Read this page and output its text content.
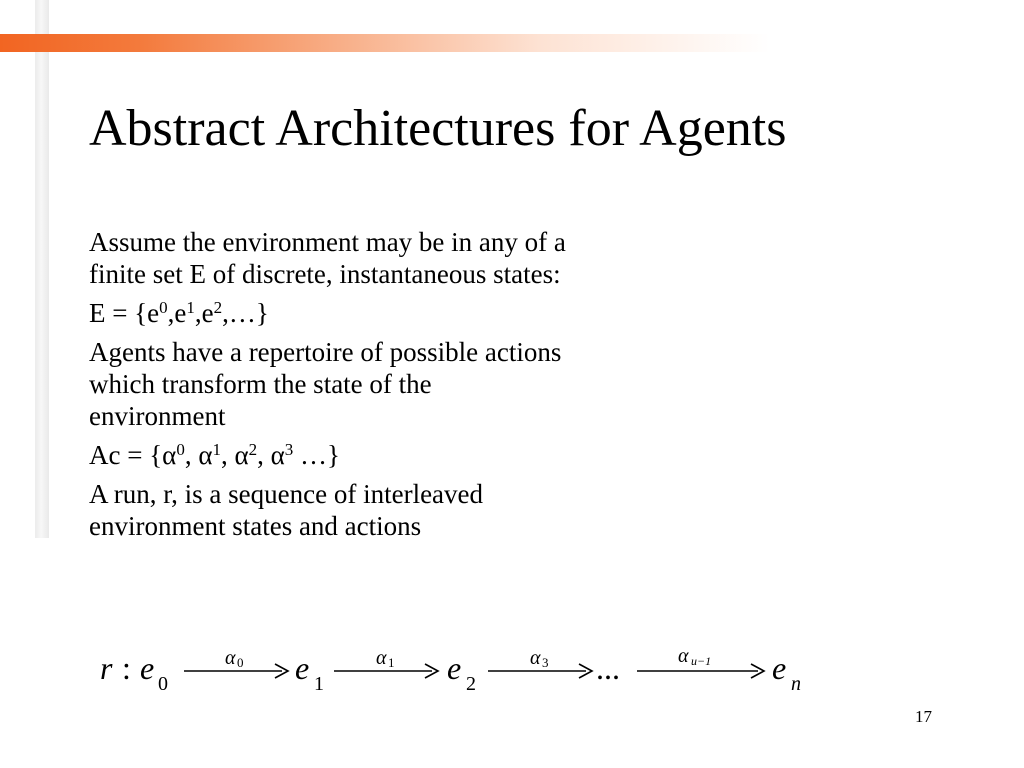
Abstract Architectures for Agents

Assume the environment may be in any of a
finite set E of discrete, instantaneous states:

$E = \{e^0,e^1,e^2,\dots\}$

Agents have a repertoire of possible actions
which transform the state of the
environment

$Ac = \{\alpha^0$, $\alpha^1$, $\alpha^2$, $\alpha^3$ …}

A run, r, is a sequence of interleaved
environment states and actions

r : e 0
α 0 e 1
α 1 e 2
α 3 ...	α u−1 e n
17
